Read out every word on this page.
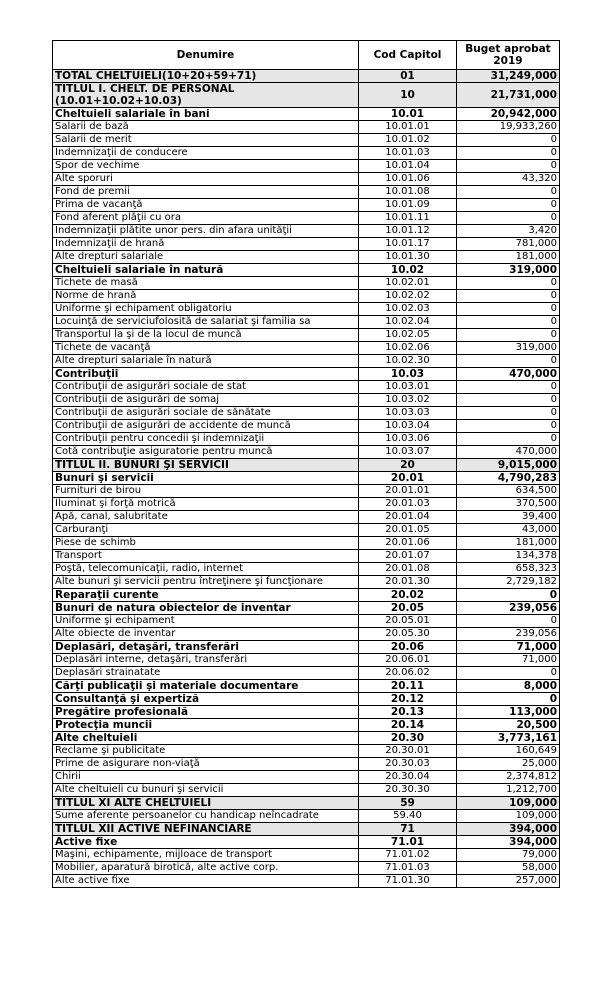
Denumire	Cod Capitol	Buget aprobat 2019
TOTAL CHELTUIELI(10+20+59+71)	01	31,249,000
TITLUL I. CHELT. DE PERSONAL (10.01+10.02+10.03)	10	21,731,000
Cheltuieli salariale în bani	10.01	20,942,000
Salarii de bază	10.01.01	19,933,260
Salarii de merit	10.01.02	0
Indemnizaţii de conducere	10.01.03	0
Spor de vechime	10.01.04	0
Alte sporuri	10.01.06	43,320
Fond de premii	10.01.08	0
Prima de vacanţă	10.01.09	0
Fond aferent plăţii cu ora	10.01.11	0
Indemnizaţii plătite unor pers. din afara unităţii	10.01.12	3,420
Indemnizaţii de hrană	10.01.17	781,000
Alte drepturi salariale	10.01.30	181,000
Cheltuieli salariale în natură	10.02	319,000
Tichete de masă	10.02.01	0
Norme de hrană	10.02.02	0
Uniforme şi echipament obligatoriu	10.02.03	0
Locuinţă de serviciufolosită de salariat şi familia sa	10.02.04	0
Transportul la şi de la locul de muncă	10.02.05	0
Tichete de vacanţă	10.02.06	319,000
Alte drepturi salariale în natură	10.02.30	0
Contribuţii	10.03	470,000
Contribuţii de asigurări sociale de stat	10.03.01	0
Contribuţii de asigurări de somaj	10.03.02	0
Contribuţii de asigurări sociale de sănătate	10.03.03	0
Contribuţii de asigurări de accidente de muncă	10.03.04	0
Contribuţii pentru concedii şi indemnizaţii	10.03.06	0
Cotă contribuţie asiguratorie pentru muncă	10.03.07	470,000
TITLUL II. BUNURI ŞI SERVICII	20	9,015,000
Bunuri şi servicii	20.01	4,790,283
Furnituri de birou	20.01.01	634,500
Iluminat şi forţă motrică	20.01.03	370,500
Apă, canal, salubritate	20.01.04	39,400
Carburanţi	20.01.05	43,000
Piese de schimb	20.01.06	181,000
Transport	20.01.07	134,378
Poştă, telecomunicaţii, radio, internet	20.01.08	658,323
Alte bunuri şi servicii pentru întreţinere şi funcţionare	20.01.30	2,729,182
Reparaţii curente	20.02	0
Bunuri de natura obiectelor de inventar	20.05	239,056
Uniforme şi echipament	20.05.01	0
Alte obiecte de inventar	20.05.30	239,056
Deplasări, detaşări, transferări	20.06	71,000
Deplasări interne, detaşări, transferări	20.06.01	71,000
Deplasări strainatate	20.06.02	0
Cărţi publicaţii şi materiale documentare	20.11	8,000
Consultanţă şi expertiză	20.12	0
Pregătire profesională	20.13	113,000
Protecţia muncii	20.14	20,500
Alte cheltuieli	20.30	3,773,161
Reclame şi publicitate	20.30.01	160,649
Prime de asigurare non-viaţă	20.30.03	25,000
Chirii	20.30.04	2,374,812
Alte cheltuieli cu bunuri şi servicii	20.30.30	1,212,700
TITLUL XI ALTE CHELTUIELI	59	109,000
Sume aferente persoanelor cu handicap neîncadrate	59.40	109,000
TITLUL XII ACTIVE NEFINANCIARE	71	394,000
Active fixe	71.01	394,000
Maşini, echipamente, mijloace de transport	71.01.02	79,000
Mobilier, aparatură birotică, alte active corp.	71.01.03	58,000
Alte active fixe	71.01.30	257,000
